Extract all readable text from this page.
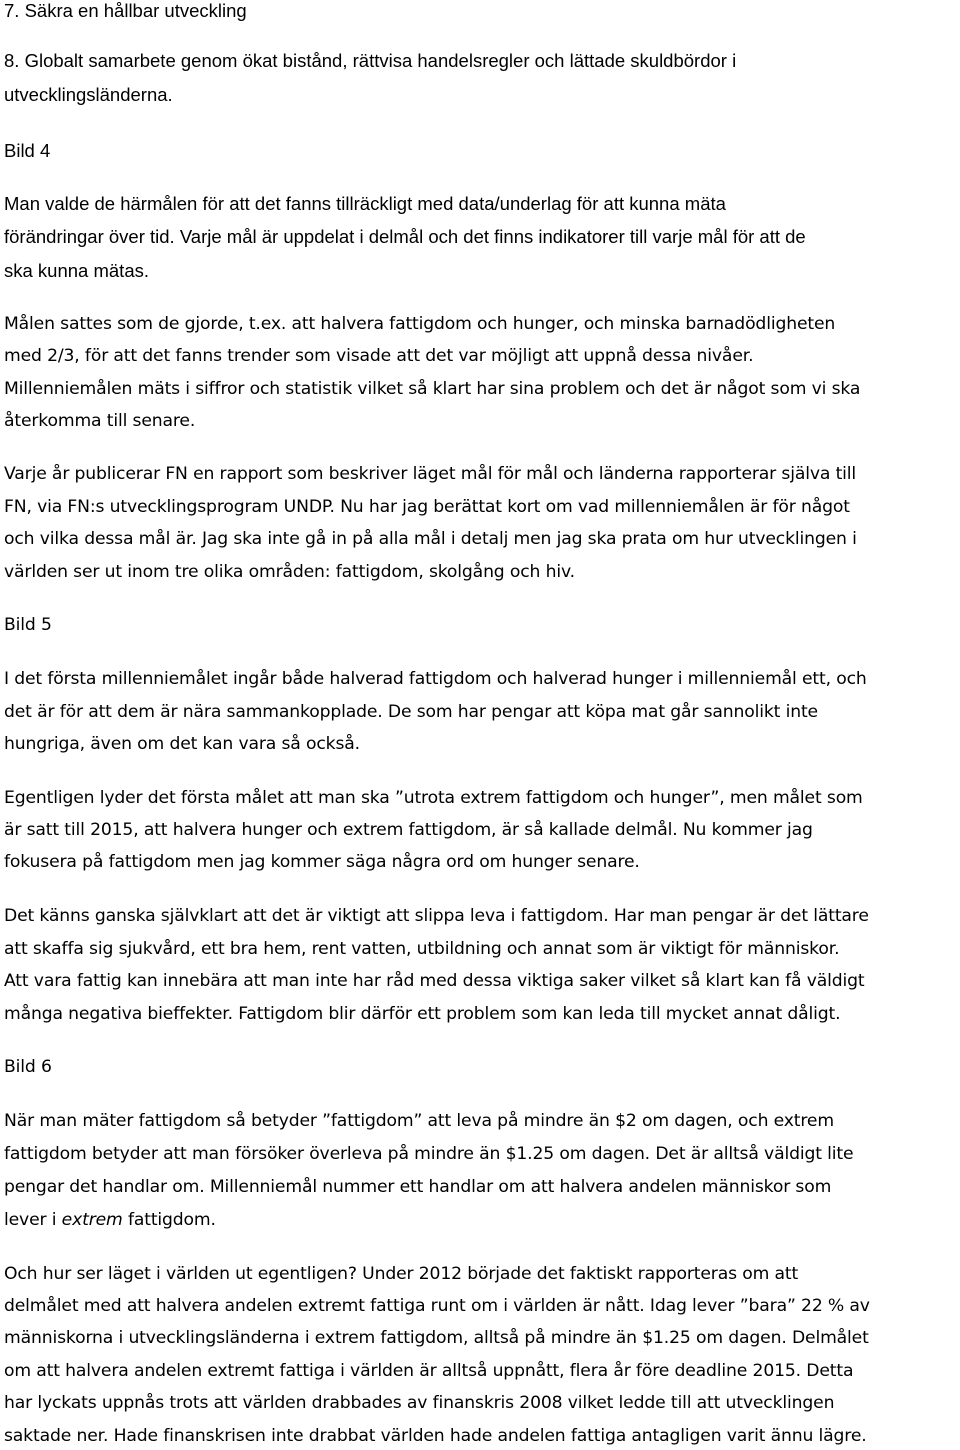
7. Säkra en hållbar utveckling
8. Globalt samarbete genom ökat bistånd, rättvisa handelsregler och lättade skuldbördor i
utvecklingsländerna.
Bild 4
Man valde de härmålen för att det fanns tillräckligt med data/underlag för att kunna mäta
förändringar över tid. Varje mål är uppdelat i delmål och det finns indikatorer till varje mål för att de
ska kunna mätas.
Målen sattes som de gjorde, t.ex. att halvera fattigdom och hunger, och minska barnadödligheten
med 2/3, för att det fanns trender som visade att det var möjligt att uppnå dessa nivåer.
Millenniemålen mäts i siffror och statistik vilket så klart har sina problem och det är något som vi ska
återkomma till senare.
Varje år publicerar FN en rapport som beskriver läget mål för mål och länderna rapporterar själva till
FN, via FN:s utvecklingsprogram UNDP. Nu har jag berättat kort om vad millenniemålen är för något
och vilka dessa mål är. Jag ska inte gå in på alla mål i detalj men jag ska prata om hur utvecklingen i
världen ser ut inom tre olika områden: fattigdom, skolgång och hiv.
Bild 5
I det första millenniemålet ingår både halverad fattigdom och halverad hunger i millenniemål ett, och
det är för att dem är nära sammankopplade. De som har pengar att köpa mat går sannolikt inte
hungriga, även om det kan vara så också.
Egentligen lyder det första målet att man ska ”utrota extrem fattigdom och hunger”, men målet som
är satt till 2015, att halvera hunger och extrem fattigdom, är så kallade delmål. Nu kommer jag
fokusera på fattigdom men jag kommer säga några ord om hunger senare.
Det känns ganska självklart att det är viktigt att slippa leva i fattigdom. Har man pengar är det lättare
att skaffa sig sjukvård, ett bra hem, rent vatten, utbildning och annat som är viktigt för människor.
Att vara fattig kan innebära att man inte har råd med dessa viktiga saker vilket så klart kan få väldigt
många negativa bieffekter. Fattigdom blir därför ett problem som kan leda till mycket annat dåligt.
Bild 6
När man mäter fattigdom så betyder ”fattigdom” att leva på mindre än $2 om dagen, och extrem
fattigdom betyder att man försöker överleva på mindre än $1.25 om dagen. Det är alltså väldigt lite
pengar det handlar om. Millenniemål nummer ett handlar om att halvera andelen människor som
lever i extrem fattigdom.
Och hur ser läget i världen ut egentligen? Under 2012 började det faktiskt rapporteras om att
delmålet med att halvera andelen extremt fattiga runt om i världen är nått. Idag lever ”bara” 22 % av
människorna i utvecklingsländerna i extrem fattigdom, alltså på mindre än $1.25 om dagen. Delmålet
om att halvera andelen extremt fattiga i världen är alltså uppnått, flera år före deadline 2015. Detta
har lyckats uppnås trots att världen drabbades av finanskris 2008 vilket ledde till att utvecklingen
saktade ner. Hade finanskrisen inte drabbat världen hade andelen fattiga antagligen varit ännu lägre.
